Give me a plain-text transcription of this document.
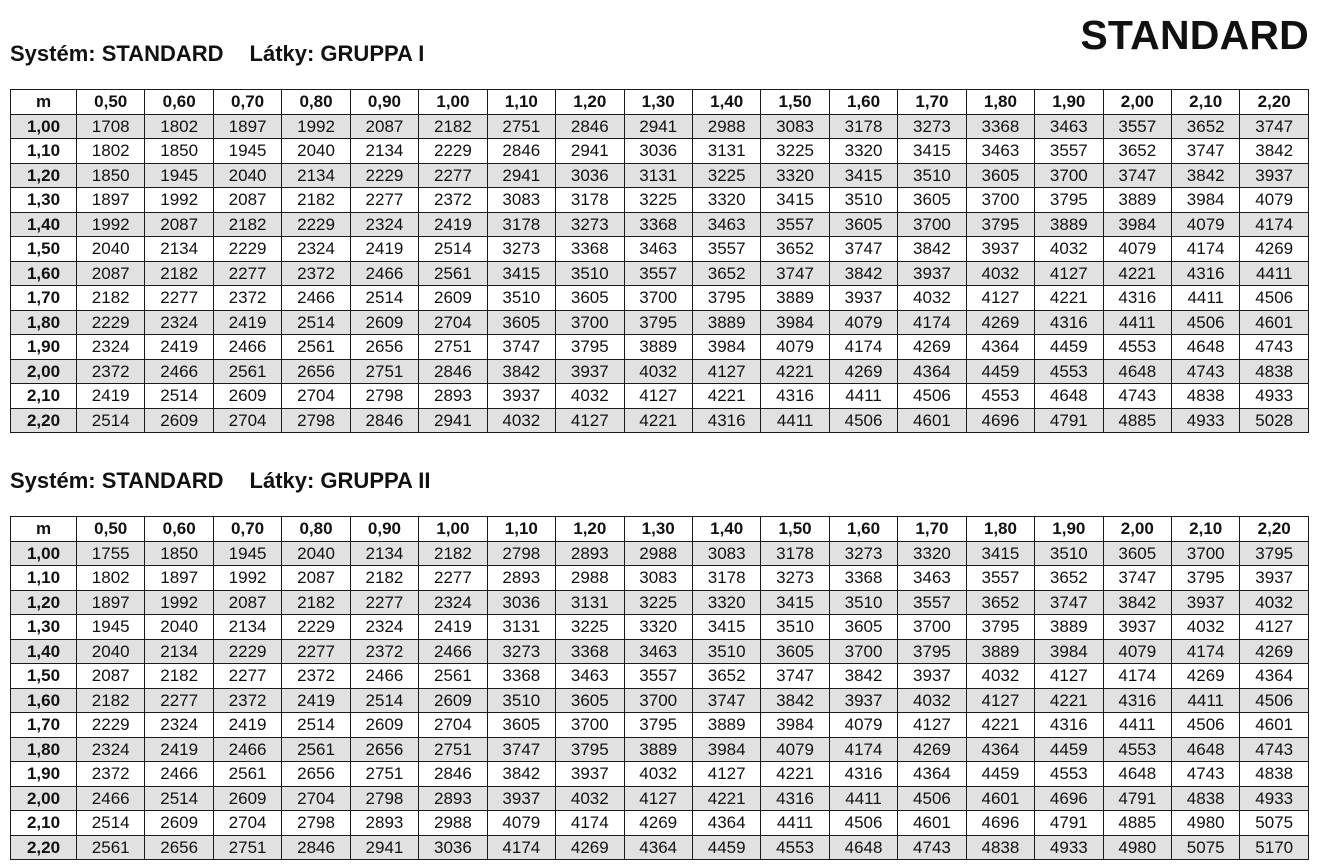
STANDARD
Systém: STANDARD Látky: GRUPPA I
m	0,50	0,60	0,70	0,80	0,90	1,00	1,10	1,20	1,30	1,40	1,50	1,60	1,70	1,80	1,90	2,00	2,10	2,20
1,00	1708	1802	1897	1992	2087	2182	2751	2846	2941	2988	3083	3178	3273	3368	3463	3557	3652	3747
1,10	1802	1850	1945	2040	2134	2229	2846	2941	3036	3131	3225	3320	3415	3463	3557	3652	3747	3842
1,20	1850	1945	2040	2134	2229	2277	2941	3036	3131	3225	3320	3415	3510	3605	3700	3747	3842	3937
1,30	1897	1992	2087	2182	2277	2372	3083	3178	3225	3320	3415	3510	3605	3700	3795	3889	3984	4079
1,40	1992	2087	2182	2229	2324	2419	3178	3273	3368	3463	3557	3605	3700	3795	3889	3984	4079	4174
1,50	2040	2134	2229	2324	2419	2514	3273	3368	3463	3557	3652	3747	3842	3937	4032	4079	4174	4269
1,60	2087	2182	2277	2372	2466	2561	3415	3510	3557	3652	3747	3842	3937	4032	4127	4221	4316	4411
1,70	2182	2277	2372	2466	2514	2609	3510	3605	3700	3795	3889	3937	4032	4127	4221	4316	4411	4506
1,80	2229	2324	2419	2514	2609	2704	3605	3700	3795	3889	3984	4079	4174	4269	4316	4411	4506	4601
1,90	2324	2419	2466	2561	2656	2751	3747	3795	3889	3984	4079	4174	4269	4364	4459	4553	4648	4743
2,00	2372	2466	2561	2656	2751	2846	3842	3937	4032	4127	4221	4269	4364	4459	4553	4648	4743	4838
2,10	2419	2514	2609	2704	2798	2893	3937	4032	4127	4221	4316	4411	4506	4553	4648	4743	4838	4933
2,20	2514	2609	2704	2798	2846	2941	4032	4127	4221	4316	4411	4506	4601	4696	4791	4885	4933	5028
Systém: STANDARD Látky: GRUPPA II
m	0,50	0,60	0,70	0,80	0,90	1,00	1,10	1,20	1,30	1,40	1,50	1,60	1,70	1,80	1,90	2,00	2,10	2,20
1,00	1755	1850	1945	2040	2134	2182	2798	2893	2988	3083	3178	3273	3320	3415	3510	3605	3700	3795
1,10	1802	1897	1992	2087	2182	2277	2893	2988	3083	3178	3273	3368	3463	3557	3652	3747	3795	3937
1,20	1897	1992	2087	2182	2277	2324	3036	3131	3225	3320	3415	3510	3557	3652	3747	3842	3937	4032
1,30	1945	2040	2134	2229	2324	2419	3131	3225	3320	3415	3510	3605	3700	3795	3889	3937	4032	4127
1,40	2040	2134	2229	2277	2372	2466	3273	3368	3463	3510	3605	3700	3795	3889	3984	4079	4174	4269
1,50	2087	2182	2277	2372	2466	2561	3368	3463	3557	3652	3747	3842	3937	4032	4127	4174	4269	4364
1,60	2182	2277	2372	2419	2514	2609	3510	3605	3700	3747	3842	3937	4032	4127	4221	4316	4411	4506
1,70	2229	2324	2419	2514	2609	2704	3605	3700	3795	3889	3984	4079	4127	4221	4316	4411	4506	4601
1,80	2324	2419	2466	2561	2656	2751	3747	3795	3889	3984	4079	4174	4269	4364	4459	4553	4648	4743
1,90	2372	2466	2561	2656	2751	2846	3842	3937	4032	4127	4221	4316	4364	4459	4553	4648	4743	4838
2,00	2466	2514	2609	2704	2798	2893	3937	4032	4127	4221	4316	4411	4506	4601	4696	4791	4838	4933
2,10	2514	2609	2704	2798	2893	2988	4079	4174	4269	4364	4411	4506	4601	4696	4791	4885	4980	5075
2,20	2561	2656	2751	2846	2941	3036	4174	4269	4364	4459	4553	4648	4743	4838	4933	4980	5075	5170
